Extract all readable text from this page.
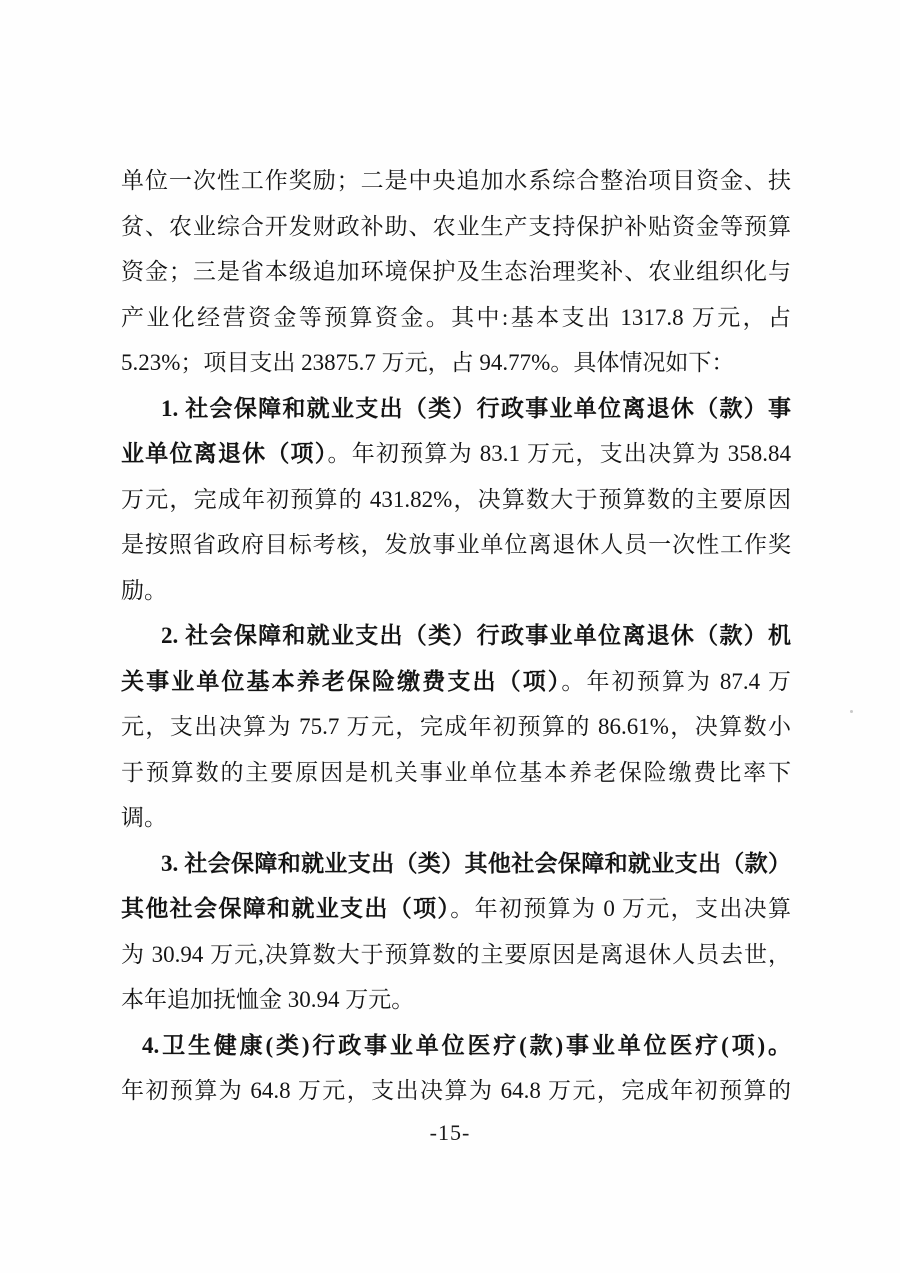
单位一次性工作奖励；二是中央追加水系综合整治项目资金、扶
贫、农业综合开发财政补助、农业生产支持保护补贴资金等预算
资金；三是省本级追加环境保护及生态治理奖补、农业组织化与
产业化经营资金等预算资金。其中:基本支出 1317.8 万元，占
5.23%；项目支出 23875.7 万元，占 94.77%。具体情况如下：
1. 社会保障和就业支出（类）行政事业单位离退休（款）事
业单位离退休（项）。年初预算为 83.1 万元，支出决算为 358.84
万元，完成年初预算的 431.82%，决算数大于预算数的主要原因
是按照省政府目标考核，发放事业单位离退休人员一次性工作奖
励。
2. 社会保障和就业支出（类）行政事业单位离退休（款）机
关事业单位基本养老保险缴费支出（项）。年初预算为 87.4 万
元，支出决算为 75.7 万元，完成年初预算的 86.61%，决算数小
于预算数的主要原因是机关事业单位基本养老保险缴费比率下
调。
3. 社会保障和就业支出（类）其他社会保障和就业支出（款）
其他社会保障和就业支出（项）。年初预算为 0 万元，支出决算
为 30.94 万元,决算数大于预算数的主要原因是离退休人员去世，
本年追加抚恤金 30.94 万元。
4.卫生健康(类)行政事业单位医疗(款)事业单位医疗(项)。
年初预算为 64.8 万元，支出决算为 64.8 万元，完成年初预算的
-15-
